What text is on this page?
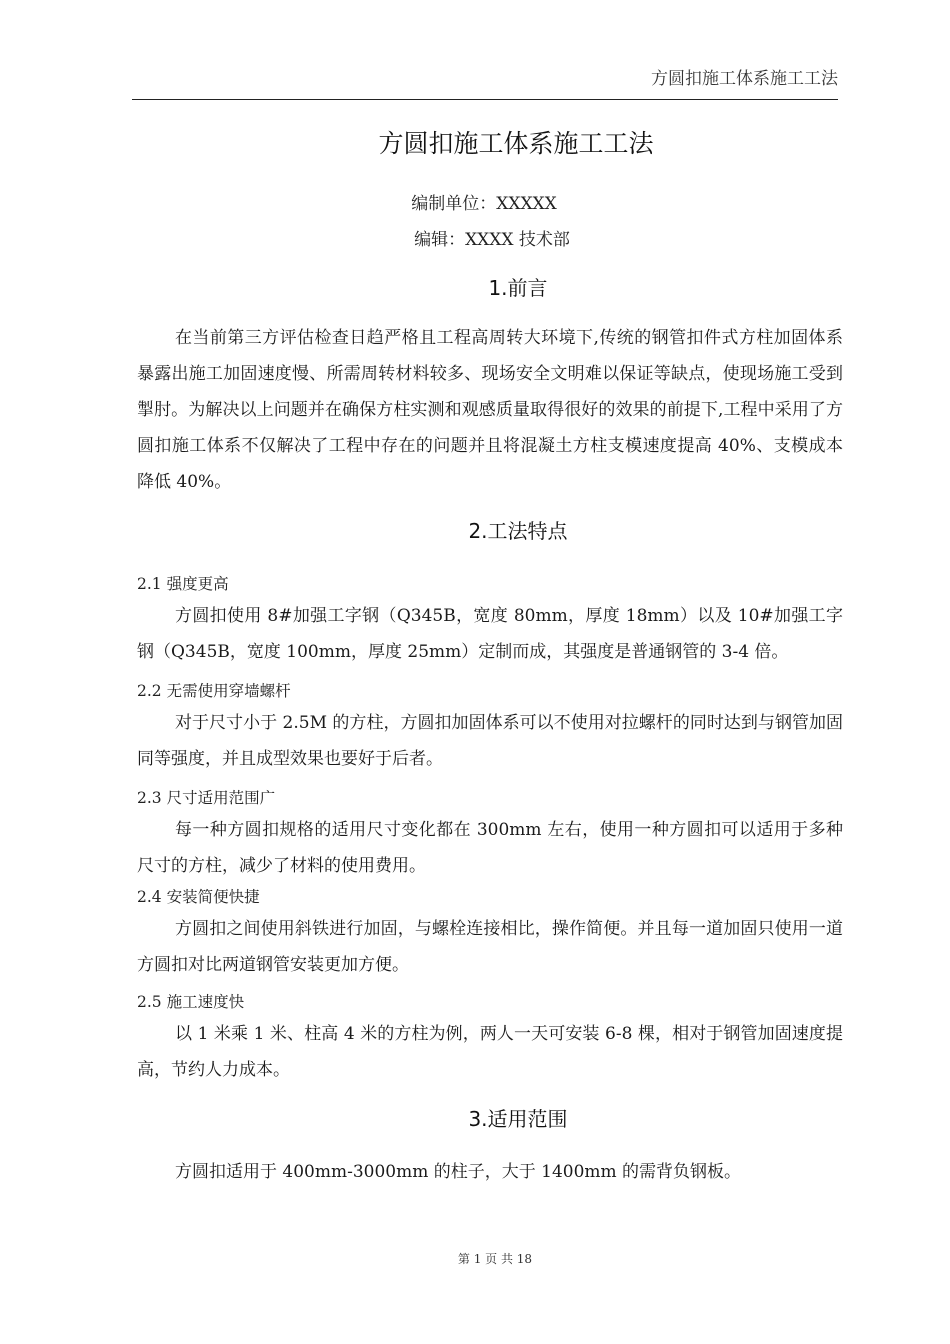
方圆扣施工体系施工工法
方圆扣施工体系施工工法
编制单位：XXXXX
编辑：XXXX 技术部
1.前言

在当前第三方评估检查日趋严格且工程高周转大环境下,传统的钢管扣件式方柱加固体系暴露出施工加固速度慢、所需周转材料较多、现场安全文明难以保证等缺点，使现场施工受到掣肘。为解决以上问题并在确保方柱实测和观感质量取得很好的效果的前提下,工程中采用了方圆扣施工体系不仅解决了工程中存在的问题并且将混凝土方柱支模速度提高 40%、支模成本降低 40%。

2.工法特点
2.1 强度更高

方圆扣使用 8#加强工字钢（Q345B，宽度 80mm，厚度 18mm）以及 10#加强工字钢（Q345B，宽度 100mm，厚度 25mm）定制而成，其强度是普通钢管的 3-4 倍。

2.2 无需使用穿墙螺杆

对于尺寸小于 2.5M 的方柱，方圆扣加固体系可以不使用对拉螺杆的同时达到与钢管加固同等强度，并且成型效果也要好于后者。

2.3 尺寸适用范围广

每一种方圆扣规格的适用尺寸变化都在 300mm 左右，使用一种方圆扣可以适用于多种尺寸的方柱，减少了材料的使用费用。

2.4 安装简便快捷

方圆扣之间使用斜铁进行加固，与螺栓连接相比，操作简便。并且每一道加固只使用一道方圆扣对比两道钢管安装更加方便。

2.5 施工速度快

以 1 米乘 1 米、柱高 4 米的方柱为例，两人一天可安装 6-8 棵，相对于钢管加固速度提高，节约人力成本。

3.适用范围

方圆扣适用于 400mm-3000mm 的柱子，大于 1400mm 的需背负钢板。

第 1 页 共 18
